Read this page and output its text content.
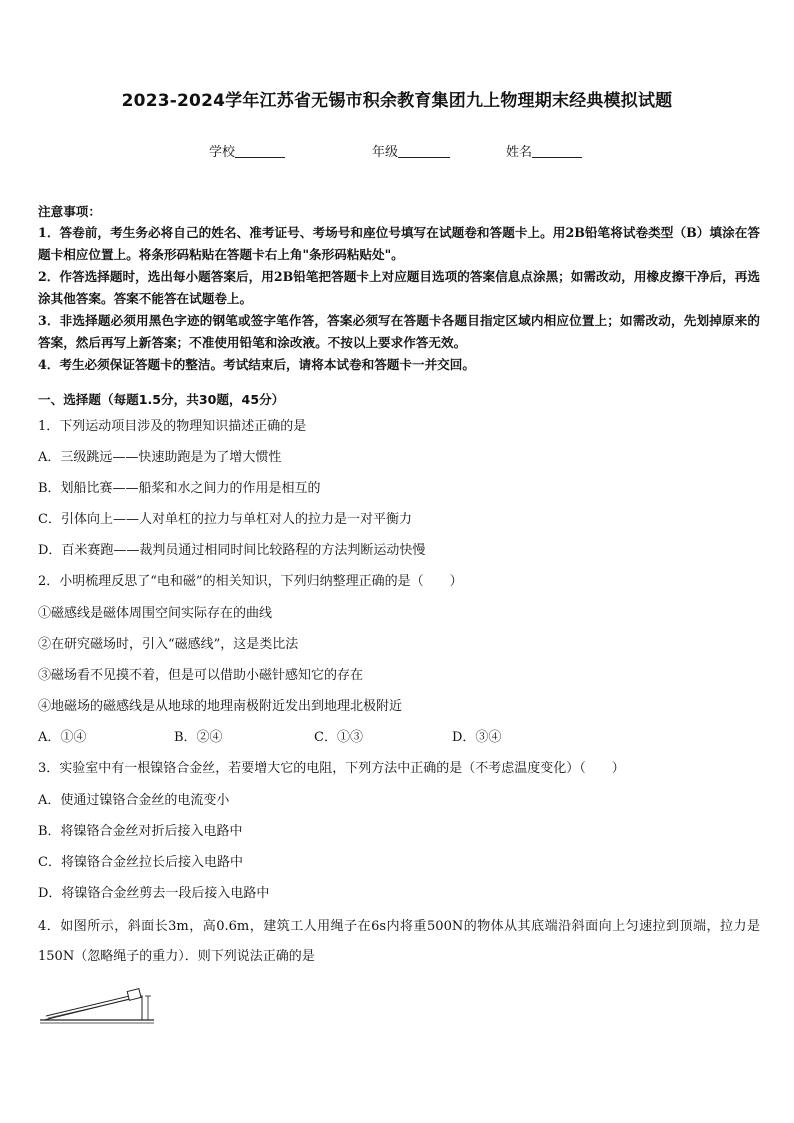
2023-2024学年江苏省无锡市积余教育集团九上物理期末经典模拟试题
学校	年级	姓名
注意事项：
1．答卷前，考生务必将自己的姓名、准考证号、考场号和座位号填写在试题卷和答题卡上。用2B铅笔将试卷类型（B）填涂在答题卡相应位置上。将条形码粘贴在答题卡右上角"条形码粘贴处"。
2．作答选择题时，选出每小题答案后，用2B铅笔把答题卡上对应题目选项的答案信息点涂黑；如需改动，用橡皮擦干净后，再选涂其他答案。答案不能答在试题卷上。
3．非选择题必须用黑色字迹的钢笔或签字笔作答，答案必须写在答题卡各题目指定区域内相应位置上；如需改动，先划掉原来的答案，然后再写上新答案；不准使用铅笔和涂改液。不按以上要求作答无效。
4．考生必须保证答题卡的整洁。考试结束后，请将本试卷和答题卡一并交回。
一、选择题（每题1.5分，共30题，45分）
1．下列运动项目涉及的物理知识描述正确的是
A．三级跳远——快速助跑是为了增大惯性
B．划船比赛——船桨和水之间力的作用是相互的
C．引体向上——人对单杠的拉力与单杠对人的拉力是一对平衡力
D．百米赛跑——裁判员通过相同时间比较路程的方法判断运动快慢
2．小明梳理反思了“电和磁”的相关知识，下列归纳整理正确的是（　　）
①磁感线是磁体周围空间实际存在的曲线
②在研究磁场时，引入“磁感线”，这是类比法
③磁场看不见摸不着，但是可以借助小磁针感知它的存在
④地磁场的磁感线是从地球的地理南极附近发出到地理北极附近
A．①④	B．②④	C．①③	D．③④
3．实验室中有一根镍铬合金丝，若要增大它的电阻，下列方法中正确的是（不考虑温度变化）（　　）
A．使通过镍铬合金丝的电流变小
B．将镍铬合金丝对折后接入电路中
C．将镍铬合金丝拉长后接入电路中
D．将镍铬合金丝剪去一段后接入电路中
4．如图所示，斜面长3m，高0.6m，建筑工人用绳子在6s内将重500N的物体从其底端沿斜面向上匀速拉到顶端，拉力是150N（忽略绳子的重力）．则下列说法正确的是
